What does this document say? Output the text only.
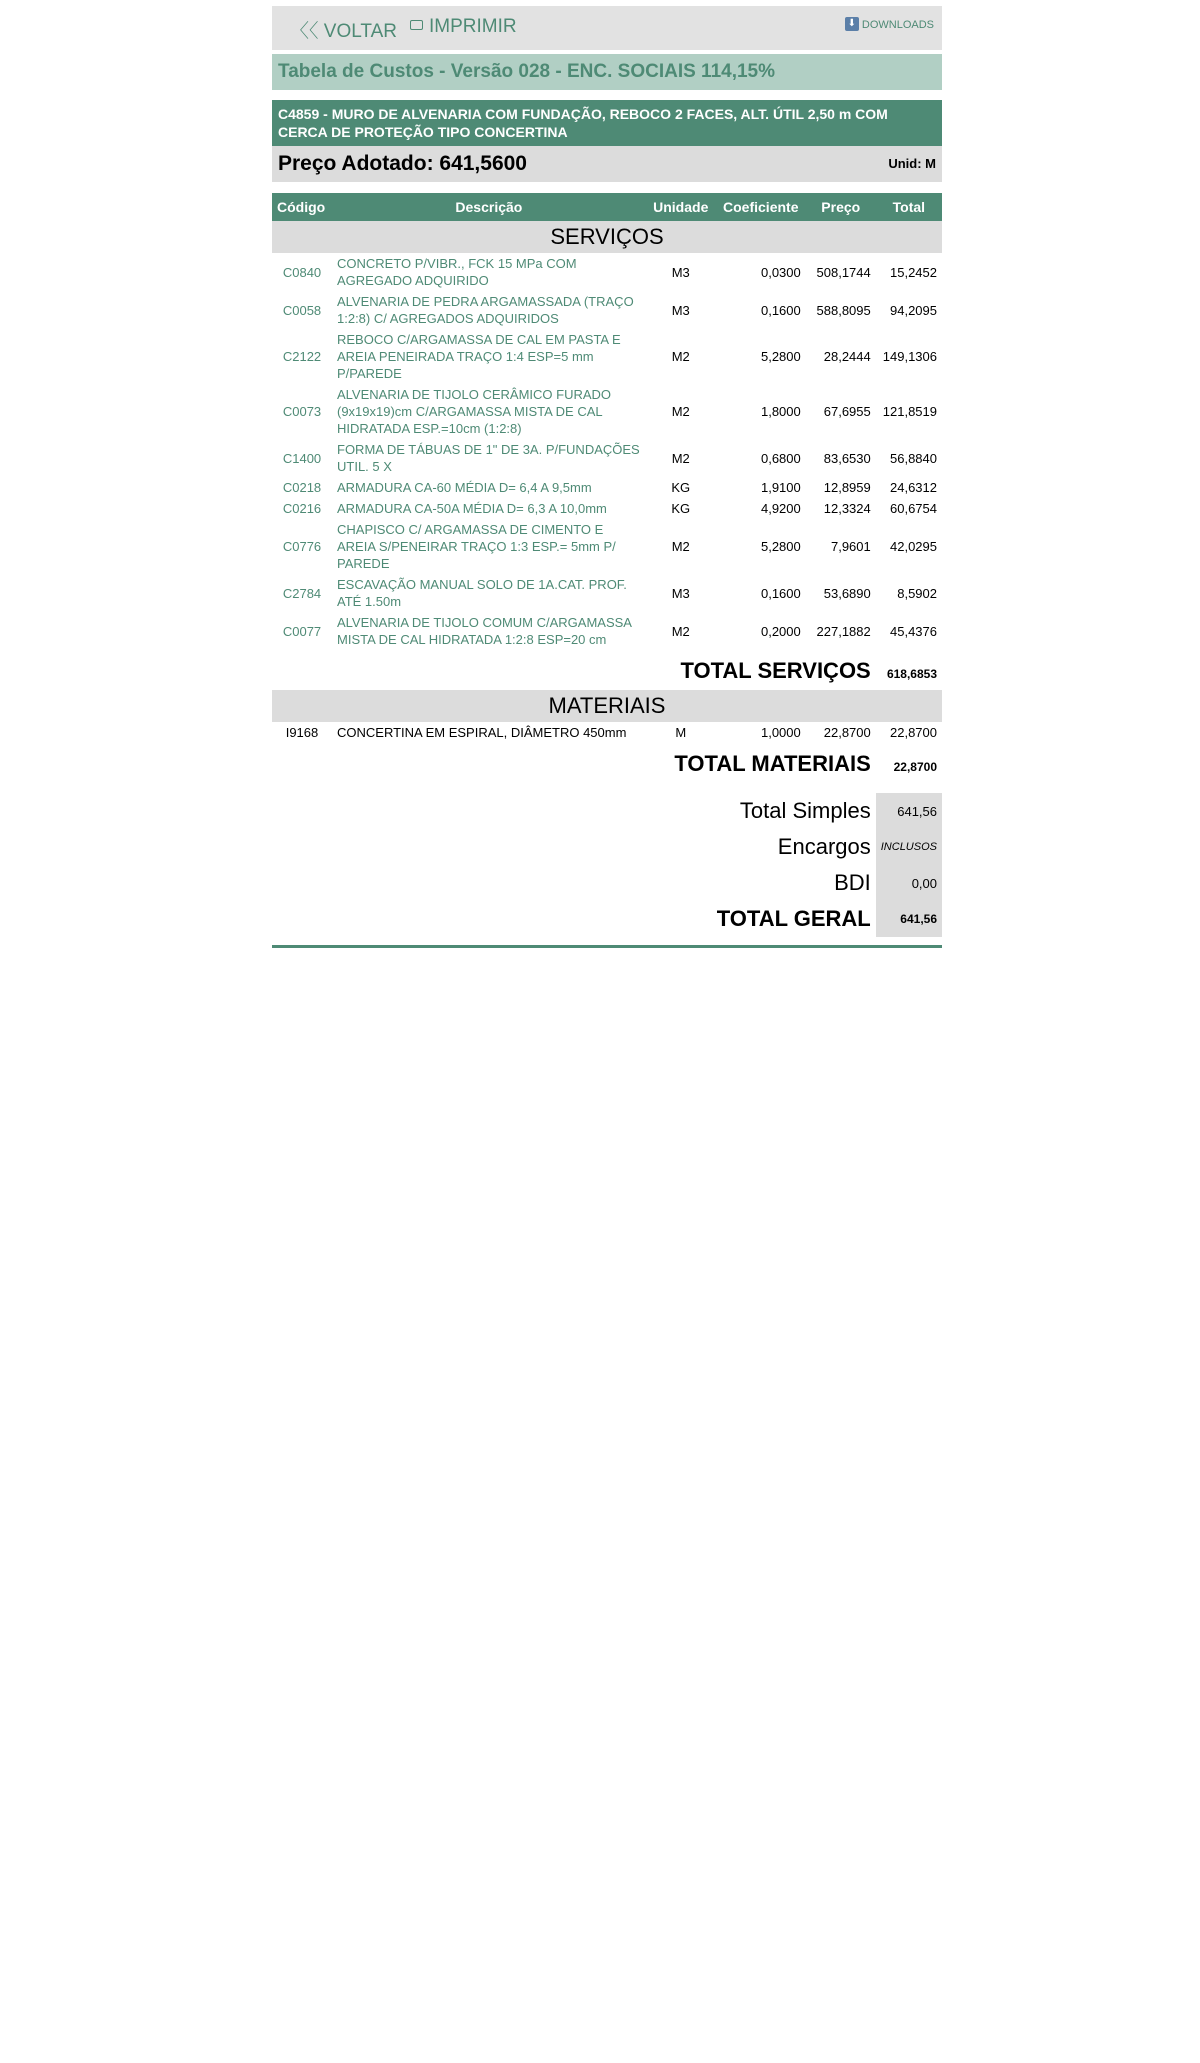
〈〈 VOLTAR	IMPRIMIR	⬇ DOWNLOADS
Tabela de Custos - Versão 028 - ENC. SOCIAIS 114,15%
C4859 - MURO DE ALVENARIA COM FUNDAÇÃO, REBOCO 2 FACES, ALT. ÚTIL 2,50 m COM CERCA DE PROTEÇÃO TIPO CONCERTINA
Preço Adotado: 641,5600	Unid: M
Código	Descrição	Unidade	Coeficiente	Preço	Total
SERVIÇOS					
C0840	CONCRETO P/VIBR., FCK 15 MPa COM AGREGADO ADQUIRIDO	M3	0,0300	508,1744	15,2452
C0058	ALVENARIA DE PEDRA ARGAMASSADA (TRAÇO 1:2:8) C/ AGREGADOS ADQUIRIDOS	M3	0,1600	588,8095	94,2095
C2122	REBOCO C/ARGAMASSA DE CAL EM PASTA E AREIA PENEIRADA TRAÇO 1:4 ESP=5 mm P/PAREDE	M2	5,2800	28,2444	149,1306
C0073	ALVENARIA DE TIJOLO CERÂMICO FURADO (9x19x19)cm C/ARGAMASSA MISTA DE CAL HIDRATADA ESP.=10cm (1:2:8)	M2	1,8000	67,6955	121,8519
C1400	FORMA DE TÁBUAS DE 1" DE 3A. P/FUNDAÇÕES UTIL. 5 X	M2	0,6800	83,6530	56,8840
C0218	ARMADURA CA-60 MÉDIA D= 6,4 A 9,5mm	KG	1,9100	12,8959	24,6312
C0216	ARMADURA CA-50A MÉDIA D= 6,3 A 10,0mm	KG	4,9200	12,3324	60,6754
C0776	CHAPISCO C/ ARGAMASSA DE CIMENTO E AREIA S/PENEIRAR TRAÇO 1:3 ESP.= 5mm P/ PAREDE	M2	5,2800	7,9601	42,0295
C2784	ESCAVAÇÃO MANUAL SOLO DE 1A.CAT. PROF. ATÉ 1.50m	M3	0,1600	53,6890	8,5902
C0077	ALVENARIA DE TIJOLO COMUM C/ARGAMASSA MISTA DE CAL HIDRATADA 1:2:8 ESP=20 cm	M2	0,2000	227,1882	45,4376
TOTAL SERVIÇOS					618,6853
MATERIAIS					
I9168	CONCERTINA EM ESPIRAL, DIÂMETRO 450mm	M	1,0000	22,8700	22,8700
TOTAL MATERIAIS					22,8700

Total Simples					641,56
Encargos					INCLUSOS
BDI					0,00
TOTAL GERAL					641,56
